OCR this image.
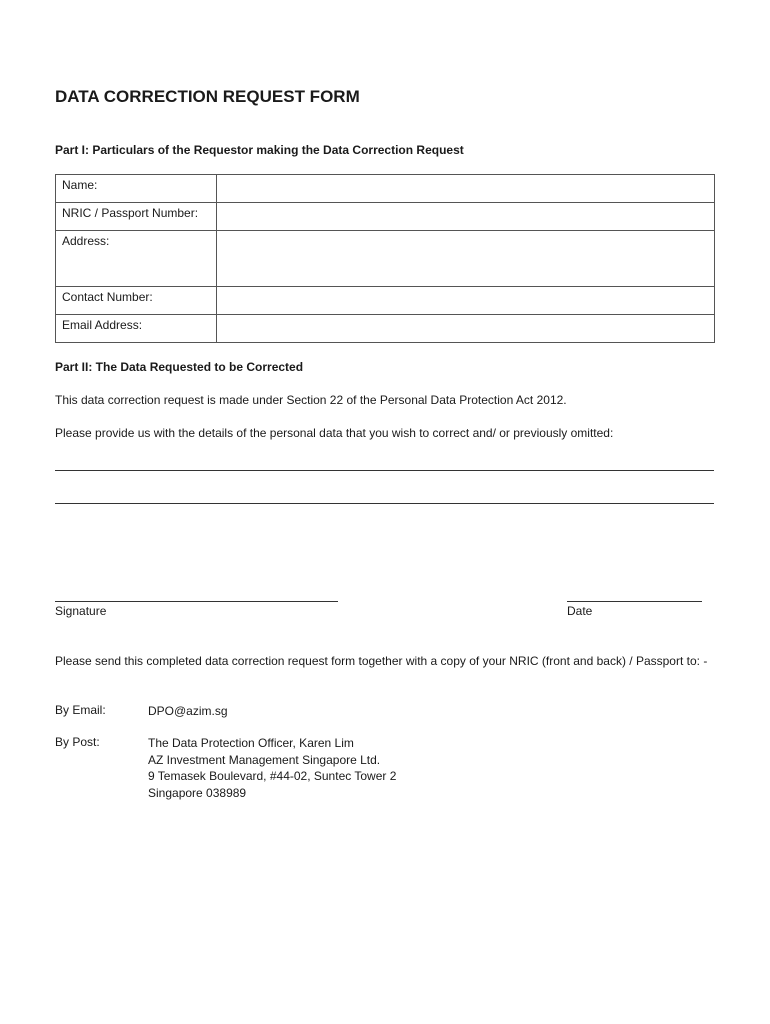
DATA CORRECTION REQUEST FORM
Part I: Particulars of the Requestor making the Data Correction Request
Name:	
NRIC / Passport Number:	
Address:	
Contact Number:	
Email Address:	
Part II: The Data Requested to be Corrected
This data correction request is made under Section 22 of the Personal Data Protection Act 2012.
Please provide us with the details of the personal data that you wish to correct and/ or previously omitted:
Signature	Date
Please send this completed data correction request form together with a copy of your NRIC (front and back) / Passport to: -
By Email:	DPO@azim.sg
By Post:	The Data Protection Officer, Karen Lim
AZ Investment Management Singapore Ltd.
9 Temasek Boulevard, #44-02, Suntec Tower 2
Singapore 038989
